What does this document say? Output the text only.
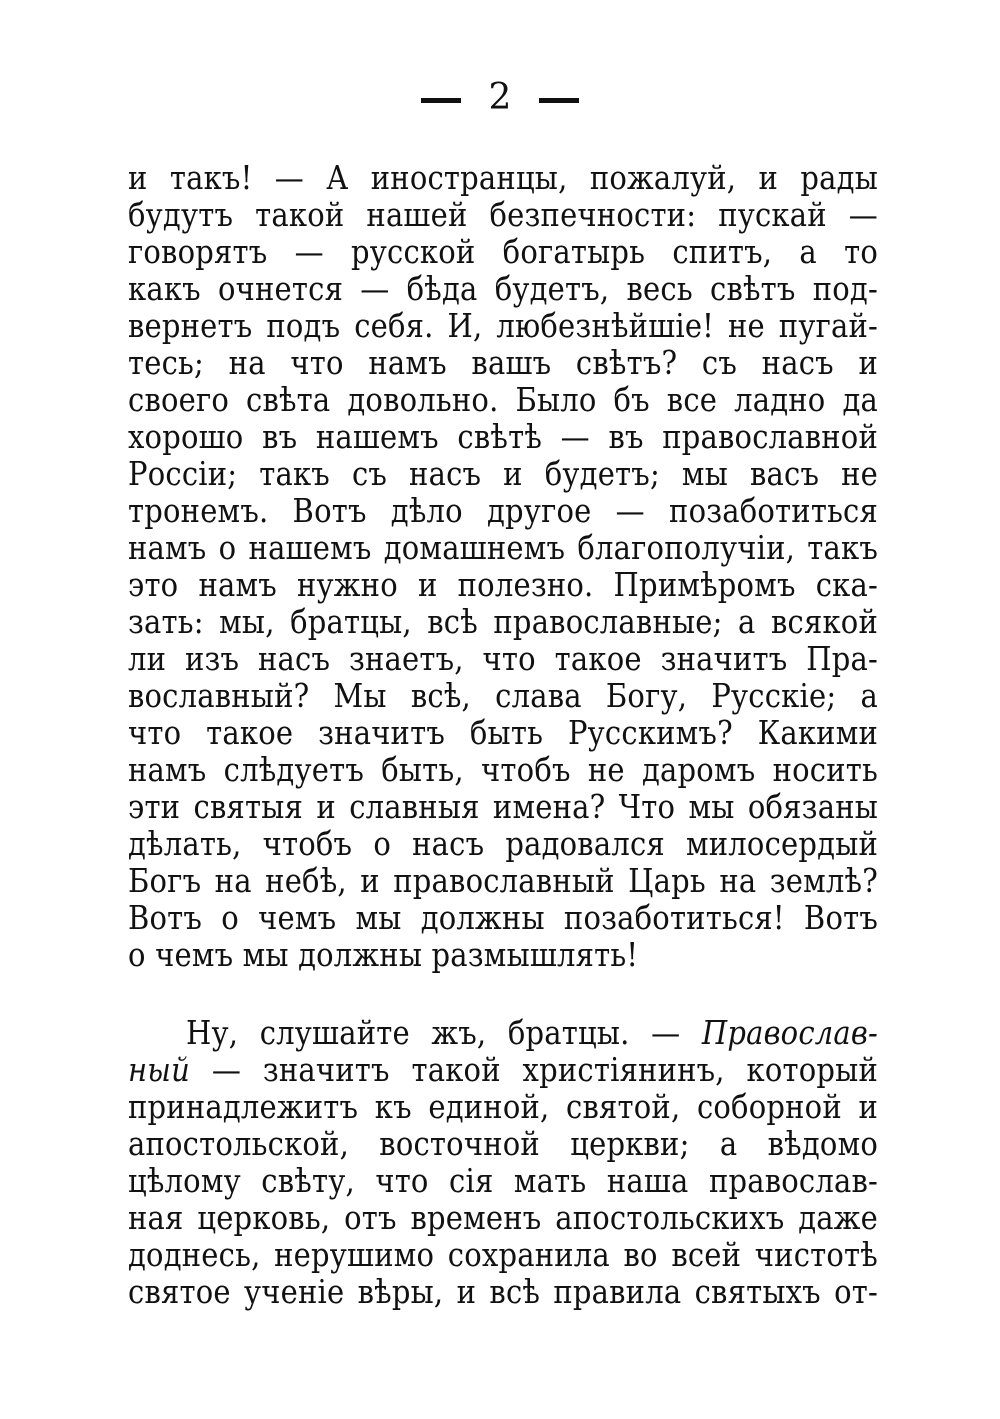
2
и такъ! — А иностранцы, пожалуй, и рады
будутъ такой нашей безпечности: пускай —
говорятъ — русской богатырь спитъ, а то
какъ очнется — бѣда будетъ, весь свѣтъ под-
вернетъ подъ себя. И, любезнѣйшіе! не пугай-
тесь; на что намъ вашъ свѣтъ? съ насъ и
своего свѣта довольно. Было бъ все ладно да
хорошо въ нашемъ свѣтѣ — въ православной
Россіи; такъ съ насъ и будетъ; мы васъ не
тронемъ. Вотъ дѣло другое — позаботиться
намъ о нашемъ домашнемъ благополучіи, такъ
это намъ нужно и полезно. Примѣромъ ска-
зать: мы, братцы, всѣ православные; а всякой
ли изъ насъ знаетъ, что такое значитъ Пра-
вославный? Мы всѣ, слава Богу, Русскіе; а
что такое значитъ быть Русскимъ? Какими
намъ слѣдуетъ быть, чтобъ не даромъ носить
эти святыя и славныя имена? Что мы обязаны
дѣлать, чтобъ о насъ радовался милосердый
Богъ на небѣ, и православный Царь на землѣ?
Вотъ о чемъ мы должны позаботиться! Вотъ
о чемъ мы должны размышлять!
Ну, слушайте жъ, братцы. — Православ-
ный — значитъ такой христіянинъ, который
принадлежитъ къ единой, святой, соборной и
апостольской, восточной церкви; а вѣдомо
цѣлому свѣту, что сія мать наша православ-
ная церковь, отъ временъ апостольскихъ даже
доднесь, нерушимо сохранила во всей чистотѣ
святое ученіе вѣры, и всѣ правила святыхъ от-
